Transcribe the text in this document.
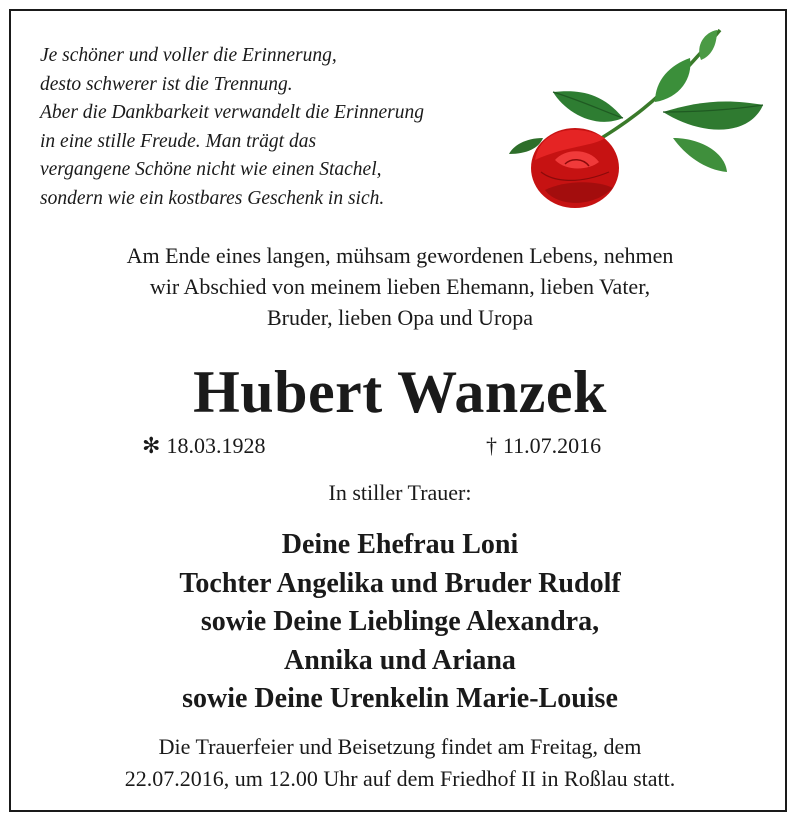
Je schöner und voller die Erinnerung,
desto schwerer ist die Trennung.
Aber die Dankbarkeit verwandelt die Erinnerung
in eine stille Freude. Man trägt das
vergangene Schöne nicht wie einen Stachel,
sondern wie ein kostbares Geschenk in sich.
Am Ende eines langen, mühsam gewordenen Lebens, nehmen
wir Abschied von meinem lieben Ehemann, lieben Vater,
Bruder, lieben Opa und Uropa
Hubert Wanzek
✻ 18.03.1928	† 11.07.2016
In stiller Trauer:
Deine Ehefrau Loni
Tochter Angelika und Bruder Rudolf
sowie Deine Lieblinge Alexandra,
Annika und Ariana
sowie Deine Urenkelin Marie-Louise
Die Trauerfeier und Beisetzung findet am Freitag, dem
22.07.2016, um 12.00 Uhr auf dem Friedhof II in Roßlau statt.
